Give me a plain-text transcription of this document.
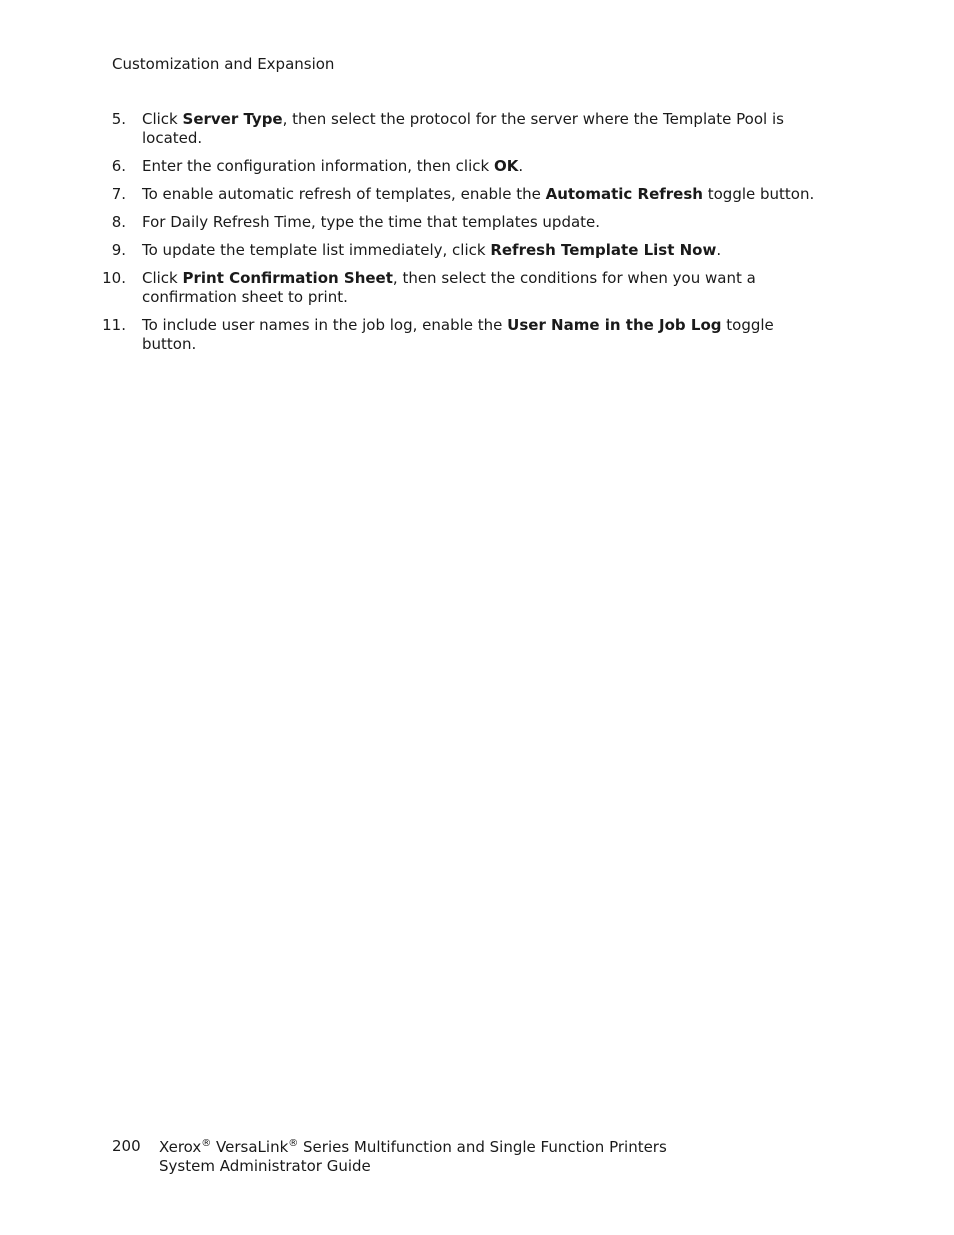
Customization and Expansion
5. Click Server Type, then select the protocol for the server where the Template Pool is located.
6. Enter the configuration information, then click OK.
7. To enable automatic refresh of templates, enable the Automatic Refresh toggle button.
8. For Daily Refresh Time, type the time that templates update.
9. To update the template list immediately, click Refresh Template List Now.
10. Click Print Confirmation Sheet, then select the conditions for when you want a confirmation sheet to print.
11. To include user names in the job log, enable the User Name in the Job Log toggle button.
200 Xerox® VersaLink® Series Multifunction and Single Function Printers
System Administrator Guide
